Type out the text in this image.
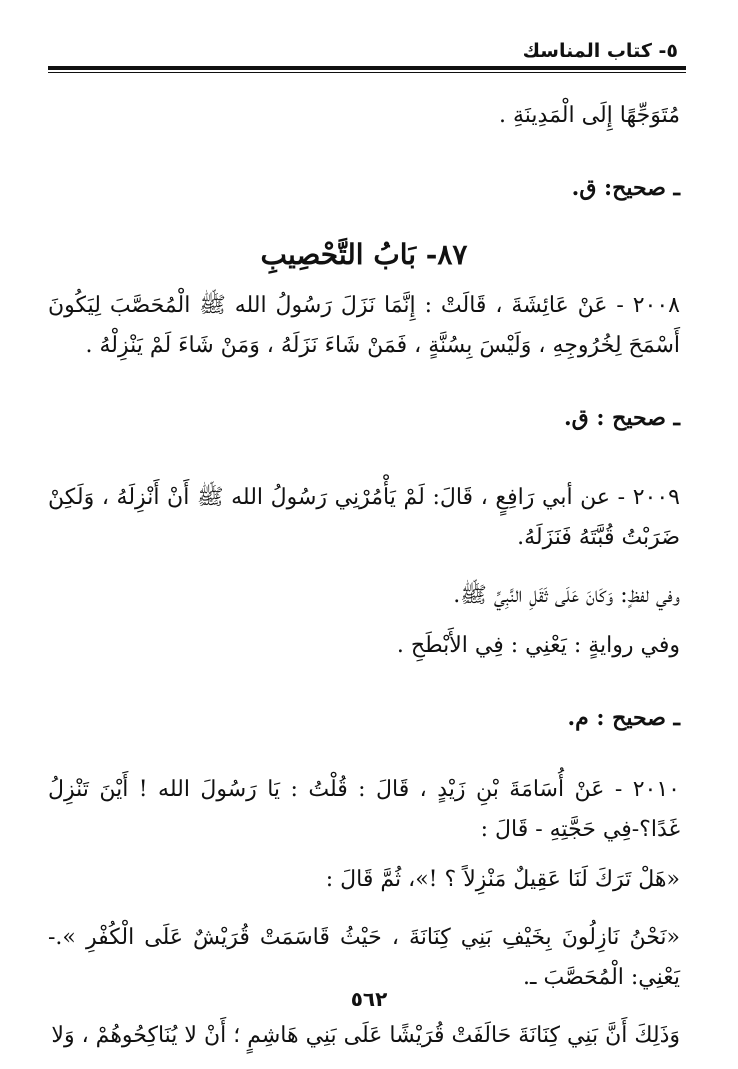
٥- كتاب المناسك

مُتَوَجِّهًا إِلَى الْمَدِينَةِ .

ـ صحيح: ق.

٨٧- بَابُ التَّحْصِيبِ

٢٠٠٨ - عَنْ عَائِشَةَ ، قَالَتْ : إِنَّمَا نَزَلَ رَسُولُ الله ﷺ الْمُحَصَّبَ لِيَكُونَ أَسْمَحَ لِخُرُوجِهِ ، وَلَيْسَ بِسُنَّةٍ ، فَمَنْ شَاءَ نَزَلَهُ ، وَمَنْ شَاءَ لَمْ يَنْزِلْهُ .

ـ صحيح : ق.

٢٠٠٩ - عن أبي رَافِعٍ ، قَالَ: لَمْ يَأْمُرْنِي رَسُولُ الله ﷺ أَنْ أَنْزِلَهُ ، وَلَكِنْ ضَرَبْتُ قُبَّتَهُ فَنَزَلَهُ.

وفي لفظٍ: وَكَانَ عَلَى ثَقَلِ النَّبِيِّ ﷺ.

وفي روايةٍ : يَعْنِي : فِي الأَبْطَحِ .

ـ صحيح : م.

٢٠١٠ - عَنْ أُسَامَةَ بْنِ زَيْدٍ ، قَالَ : قُلْتُ : يَا رَسُولَ الله ! أَيْنَ تَنْزِلُ غَدًا؟-فِي حَجَّتِهِ - قَالَ :

«هَلْ تَرَكَ لَنَا عَقِيلٌ مَنْزِلاً ؟ !»، ثُمَّ قَالَ :

«نَحْنُ نَازِلُونَ بِخَيْفِ بَنِي كِنَانَةَ ، حَيْثُ قَاسَمَتْ قُرَيْشٌ عَلَى الْكُفْرِ ».- يَعْنِي: الْمُحَصَّبَ ـ.

وَذَلِكَ أَنَّ بَنِي كِنَانَةَ حَالَفَتْ قُرَيْشًا عَلَى بَنِي هَاشِمٍ ؛ أَنْ لا يُنَاكِحُوهُمْ ، وَلا

٥٦٢
